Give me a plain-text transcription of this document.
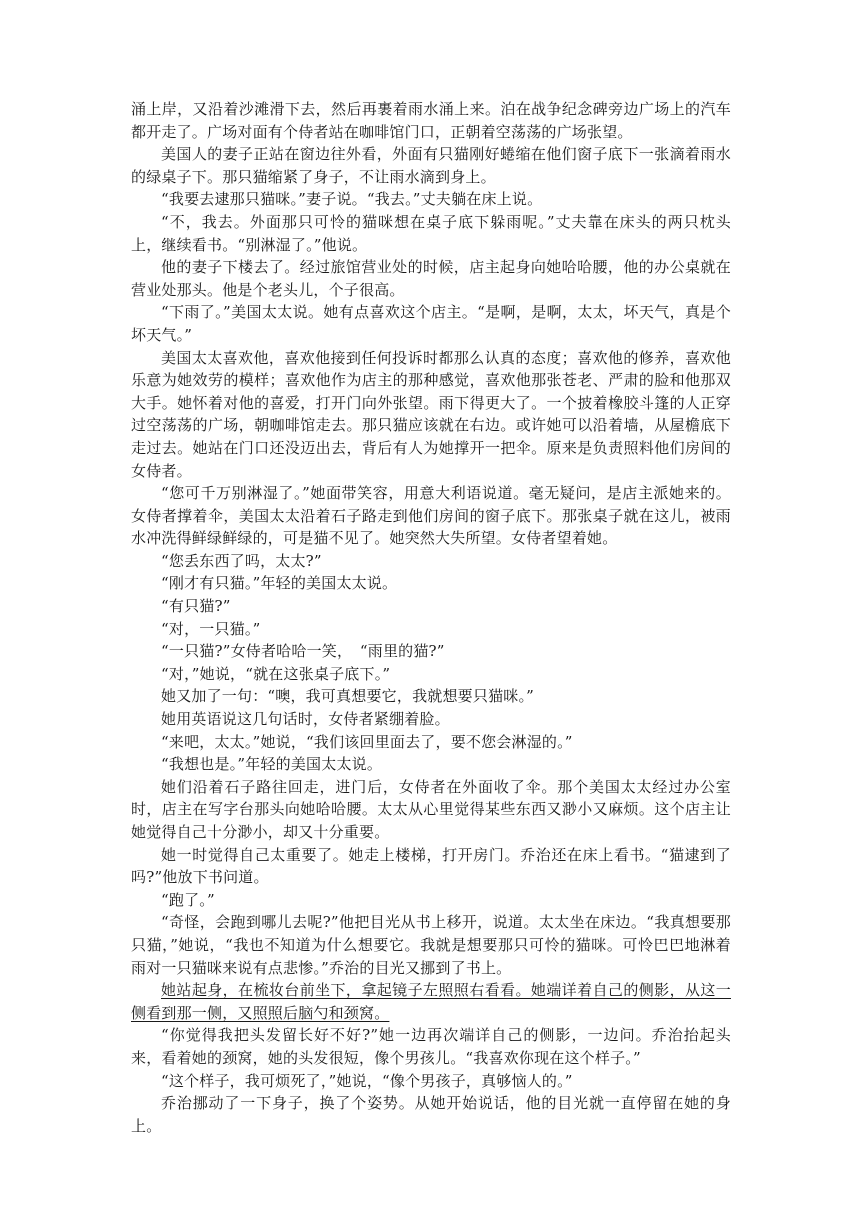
涌上岸，又沿着沙滩滑下去，然后再裹着雨水涌上来。泊在战争纪念碑旁边广场上的汽车都开走了。广场对面有个侍者站在咖啡馆门口，正朝着空荡荡的广场张望。

美国人的妻子正站在窗边往外看，外面有只猫刚好蜷缩在他们窗子底下一张滴着雨水的绿桌子下。那只猫缩紧了身子，不让雨水滴到身上。

“我要去逮那只猫咪。”妻子说。“我去。”丈夫躺在床上说。

“不，我去。外面那只可怜的猫咪想在桌子底下躲雨呢。”丈夫靠在床头的两只枕头上，继续看书。“别淋湿了。”他说。

他的妻子下楼去了。经过旅馆营业处的时候，店主起身向她哈哈腰，他的办公桌就在营业处那头。他是个老头儿，个子很高。

“下雨了。”美国太太说。她有点喜欢这个店主。“是啊，是啊，太太，坏天气，真是个坏天气。”

美国太太喜欢他，喜欢他接到任何投诉时都那么认真的态度；喜欢他的修养，喜欢他乐意为她效劳的模样；喜欢他作为店主的那种感觉，喜欢他那张苍老、严肃的脸和他那双大手。她怀着对他的喜爱，打开门向外张望。雨下得更大了。一个披着橡胶斗篷的人正穿过空荡荡的广场，朝咖啡馆走去。那只猫应该就在右边。或许她可以沿着墙，从屋檐底下走过去。她站在门口还没迈出去，背后有人为她撑开一把伞。原来是负责照料他们房间的女侍者。

“您可千万别淋湿了。”她面带笑容，用意大利语说道。毫无疑问，是店主派她来的。女侍者撑着伞，美国太太沿着石子路走到他们房间的窗子底下。那张桌子就在这儿，被雨水冲洗得鲜绿鲜绿的，可是猫不见了。她突然大失所望。女侍者望着她。

“您丢东西了吗，太太?”

“刚才有只猫。”年轻的美国太太说。

“有只猫?”

“对，一只猫。”

“一只猫?”女侍者哈哈一笑，　“雨里的猫?”

“对，”她说，“就在这张桌子底下。”

她又加了一句：“噢，我可真想要它，我就想要只猫咪。”

她用英语说这几句话时，女侍者紧绷着脸。

“来吧，太太。”她说，“我们该回里面去了，要不您会淋湿的。”

“我想也是。”年轻的美国太太说。

她们沿着石子路往回走，进门后，女侍者在外面收了伞。那个美国太太经过办公室时，店主在写字台那头向她哈哈腰。太太从心里觉得某些东西又渺小又麻烦。这个店主让她觉得自己十分渺小，却又十分重要。

她一时觉得自己太重要了。她走上楼梯，打开房门。乔治还在床上看书。“猫逮到了吗?”他放下书问道。

“跑了。”

“奇怪，会跑到哪儿去呢?”他把目光从书上移开，说道。太太坐在床边。“我真想要那只猫，”她说，“我也不知道为什么想要它。我就是想要那只可怜的猫咪。可怜巴巴地淋着雨对一只猫咪来说有点悲惨。”乔治的目光又挪到了书上。

她站起身，在梳妆台前坐下，拿起镜子左照照右看看。她端详着自己的侧影，从这一侧看到那一侧，又照照后脑勺和颈窝。

“你觉得我把头发留长好不好?”她一边再次端详自己的侧影，一边问。乔治抬起头来，看着她的颈窝，她的头发很短，像个男孩儿。“我喜欢你现在这个样子。”

“这个样子，我可烦死了，”她说，“像个男孩子，真够恼人的。”

乔治挪动了一下身子，换了个姿势。从她开始说话，他的目光就一直停留在她的身上。
